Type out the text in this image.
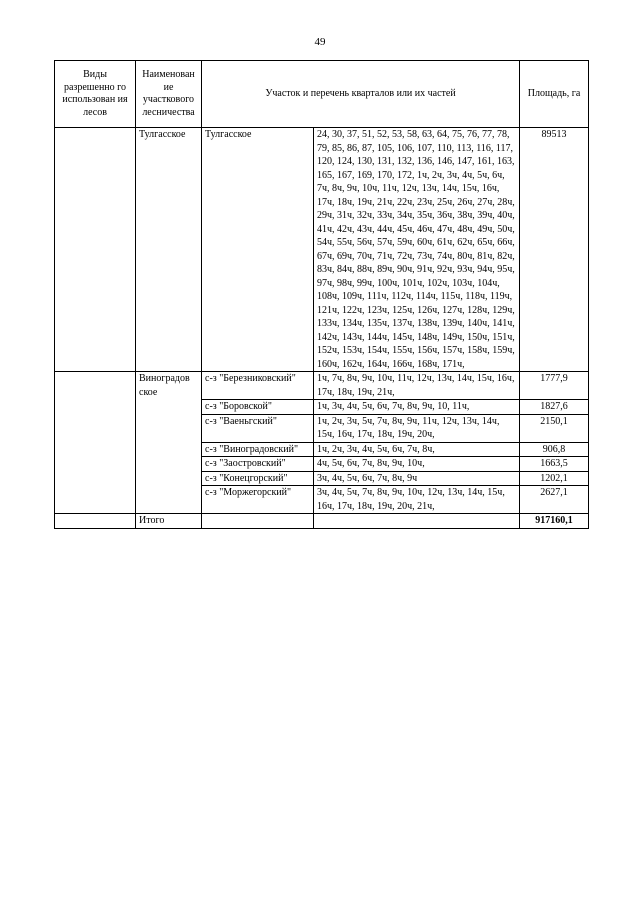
49
Виды разрешенно го использован ия лесов	Наименован ие участкового лесничества	Участок и перечень кварталов или их частей		Площадь, га
	Тулгасское	Тулгасское	24, 30, 37, 51, 52, 53, 58, 63, 64, 75, 76, 77, 78, 79, 85, 86, 87, 105, 106, 107, 110, 113, 116, 117, 120, 124, 130, 131, 132, 136, 146, 147, 161, 163, 165, 167, 169, 170, 172, 1ч, 2ч, 3ч, 4ч, 5ч, 6ч, 7ч, 8ч, 9ч, 10ч, 11ч, 12ч, 13ч, 14ч, 15ч, 16ч, 17ч, 18ч, 19ч, 21ч, 22ч, 23ч, 25ч, 26ч, 27ч, 28ч, 29ч, 31ч, 32ч, 33ч, 34ч, 35ч, 36ч, 38ч, 39ч, 40ч, 41ч, 42ч, 43ч, 44ч, 45ч, 46ч, 47ч, 48ч, 49ч, 50ч, 54ч, 55ч, 56ч, 57ч, 59ч, 60ч, 61ч, 62ч, 65ч, 66ч, 67ч, 69ч, 70ч, 71ч, 72ч, 73ч, 74ч, 80ч, 81ч, 82ч, 83ч, 84ч, 88ч, 89ч, 90ч, 91ч, 92ч, 93ч, 94ч, 95ч, 97ч, 98ч, 99ч, 100ч, 101ч, 102ч, 103ч, 104ч, 108ч, 109ч, 111ч, 112ч, 114ч, 115ч, 118ч, 119ч, 121ч, 122ч, 123ч, 125ч, 126ч, 127ч, 128ч, 129ч, 133ч, 134ч, 135ч, 137ч, 138ч, 139ч, 140ч, 141ч, 142ч, 143ч, 144ч, 145ч, 148ч, 149ч, 150ч, 151ч, 152ч, 153ч, 154ч, 155ч, 156ч, 157ч, 158ч, 159ч, 160ч, 162ч, 164ч, 166ч, 168ч, 171ч,	89513
	Виноградов ское	с-з "Березниковский"	1ч, 7ч, 8ч, 9ч, 10ч, 11ч, 12ч, 13ч, 14ч, 15ч, 16ч, 17ч, 18ч, 19ч, 21ч,	1777,9
		с-з "Боровской"	1ч, 3ч, 4ч, 5ч, 6ч, 7ч, 8ч, 9ч, 10, 11ч,	1827,6
		с-з "Ваеньгский"	1ч, 2ч, 3ч, 5ч, 7ч, 8ч, 9ч, 11ч, 12ч, 13ч, 14ч, 15ч, 16ч, 17ч, 18ч, 19ч, 20ч,	2150,1
		с-з "Виноградовский"	1ч, 2ч, 3ч, 4ч, 5ч, 6ч, 7ч, 8ч,	906,8
		с-з "Заостровский"	4ч, 5ч, 6ч, 7ч, 8ч, 9ч, 10ч,	1663,5
		с-з "Конецгорский"	3ч, 4ч, 5ч, 6ч, 7ч, 8ч, 9ч	1202,1
		с-з "Моржегорский"	3ч, 4ч, 5ч, 7ч, 8ч, 9ч, 10ч, 12ч, 13ч, 14ч, 15ч, 16ч, 17ч, 18ч, 19ч, 20ч, 21ч,	2627,1
	Итого			917160,1
